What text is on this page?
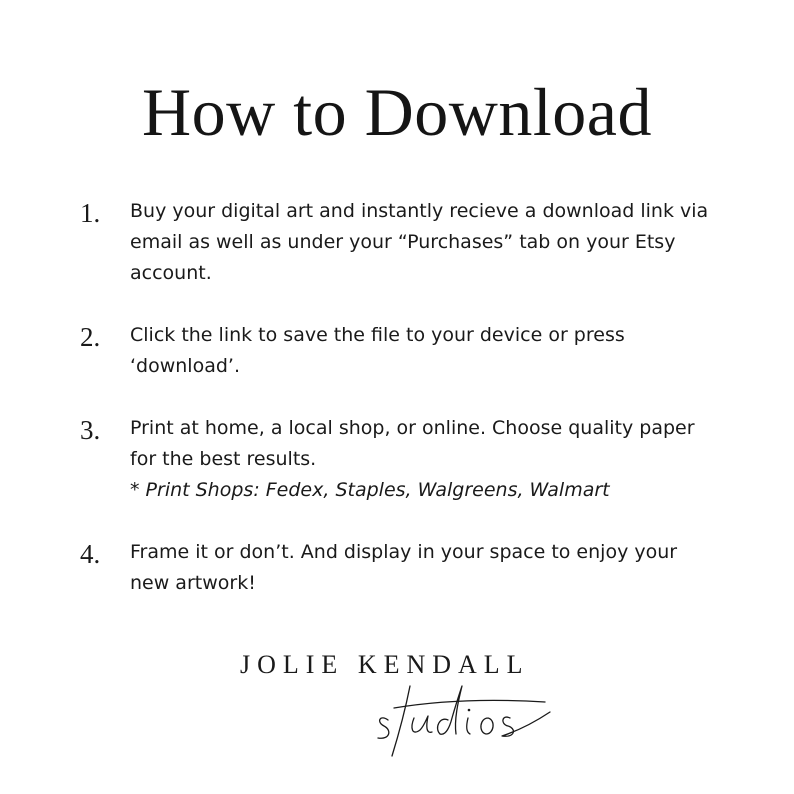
How to Download
1. Buy your digital art and instantly recieve a download link via email as well as under your “Purchases” tab on your Etsy account.
2. Click the link to save the file to your device or press ‘download’.
3. Print at home, a local shop, or online. Choose quality paper for the best results.
* Print Shops: Fedex, Staples, Walgreens, Walmart
4. Frame it or don’t. And display in your space to enjoy your new artwork!
JOLIE KENDALL
